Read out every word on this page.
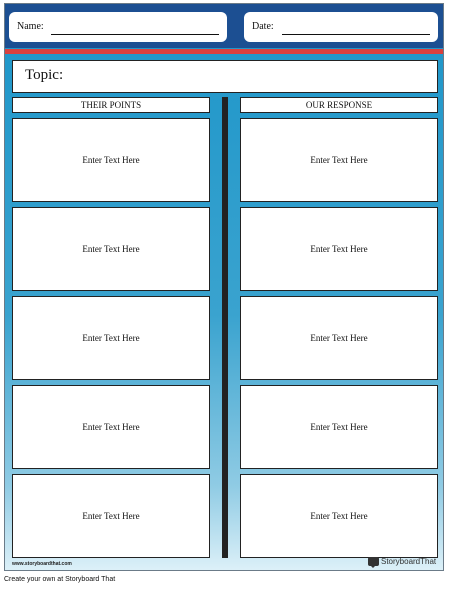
Name:	Date:
Topic:
THEIR POINTS	OUR RESPONSE
Enter Text Here
Enter Text Here
Enter Text Here
Enter Text Here
Enter Text Here
Enter Text Here
Enter Text Here
Enter Text Here
Enter Text Here
Enter Text Here
www.storyboardthat.com	StoryboardThat
Create your own at Storyboard That
